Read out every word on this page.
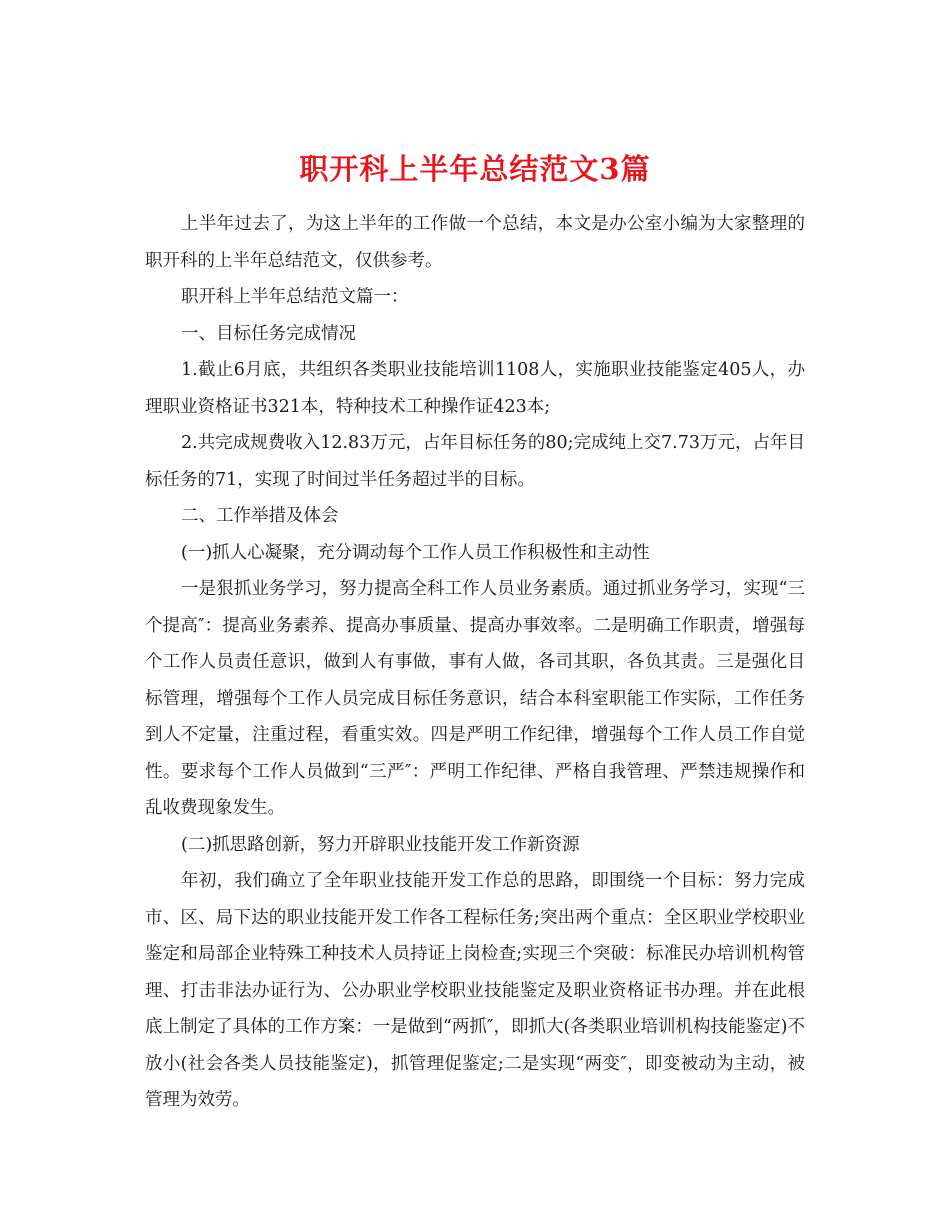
职开科上半年总结范文3篇

上半年过去了，为这上半年的工作做一个总结，本文是办公室小编为大家整理的职开科的上半年总结范文，仅供参考。

职开科上半年总结范文篇一：

一、目标任务完成情况

1.截止6月底，共组织各类职业技能培训1108人，实施职业技能鉴定405人，办理职业资格证书321本，特种技术工种操作证423本;

2.共完成规费收入12.83万元，占年目标任务的80;完成纯上交7.73万元，占年目标任务的71，实现了时间过半任务超过半的目标。

二、工作举措及体会

(一)抓人心凝聚，充分调动每个工作人员工作积极性和主动性

一是狠抓业务学习，努力提高全科工作人员业务素质。通过抓业务学习，实现“三个提高″：提高业务素养、提高办事质量、提高办事效率。二是明确工作职责，增强每个工作人员责任意识，做到人有事做，事有人做，各司其职，各负其责。三是强化目标管理，增强每个工作人员完成目标任务意识，结合本科室职能工作实际，工作任务到人不定量，注重过程，看重实效。四是严明工作纪律，增强每个工作人员工作自觉性。要求每个工作人员做到“三严″：严明工作纪律、严格自我管理、严禁违规操作和乱收费现象发生。

(二)抓思路创新，努力开辟职业技能开发工作新资源

年初，我们确立了全年职业技能开发工作总的思路，即围绕一个目标：努力完成市、区、局下达的职业技能开发工作各工程标任务;突出两个重点：全区职业学校职业鉴定和局部企业特殊工种技术人员持证上岗检查;实现三个突破：标准民办培训机构管理、打击非法办证行为、公办职业学校职业技能鉴定及职业资格证书办理。并在此根底上制定了具体的工作方案：一是做到“两抓″，即抓大(各类职业培训机构技能鉴定)不放小(社会各类人员技能鉴定)，抓管理促鉴定;二是实现“两变″，即变被动为主动，被管理为效劳。
